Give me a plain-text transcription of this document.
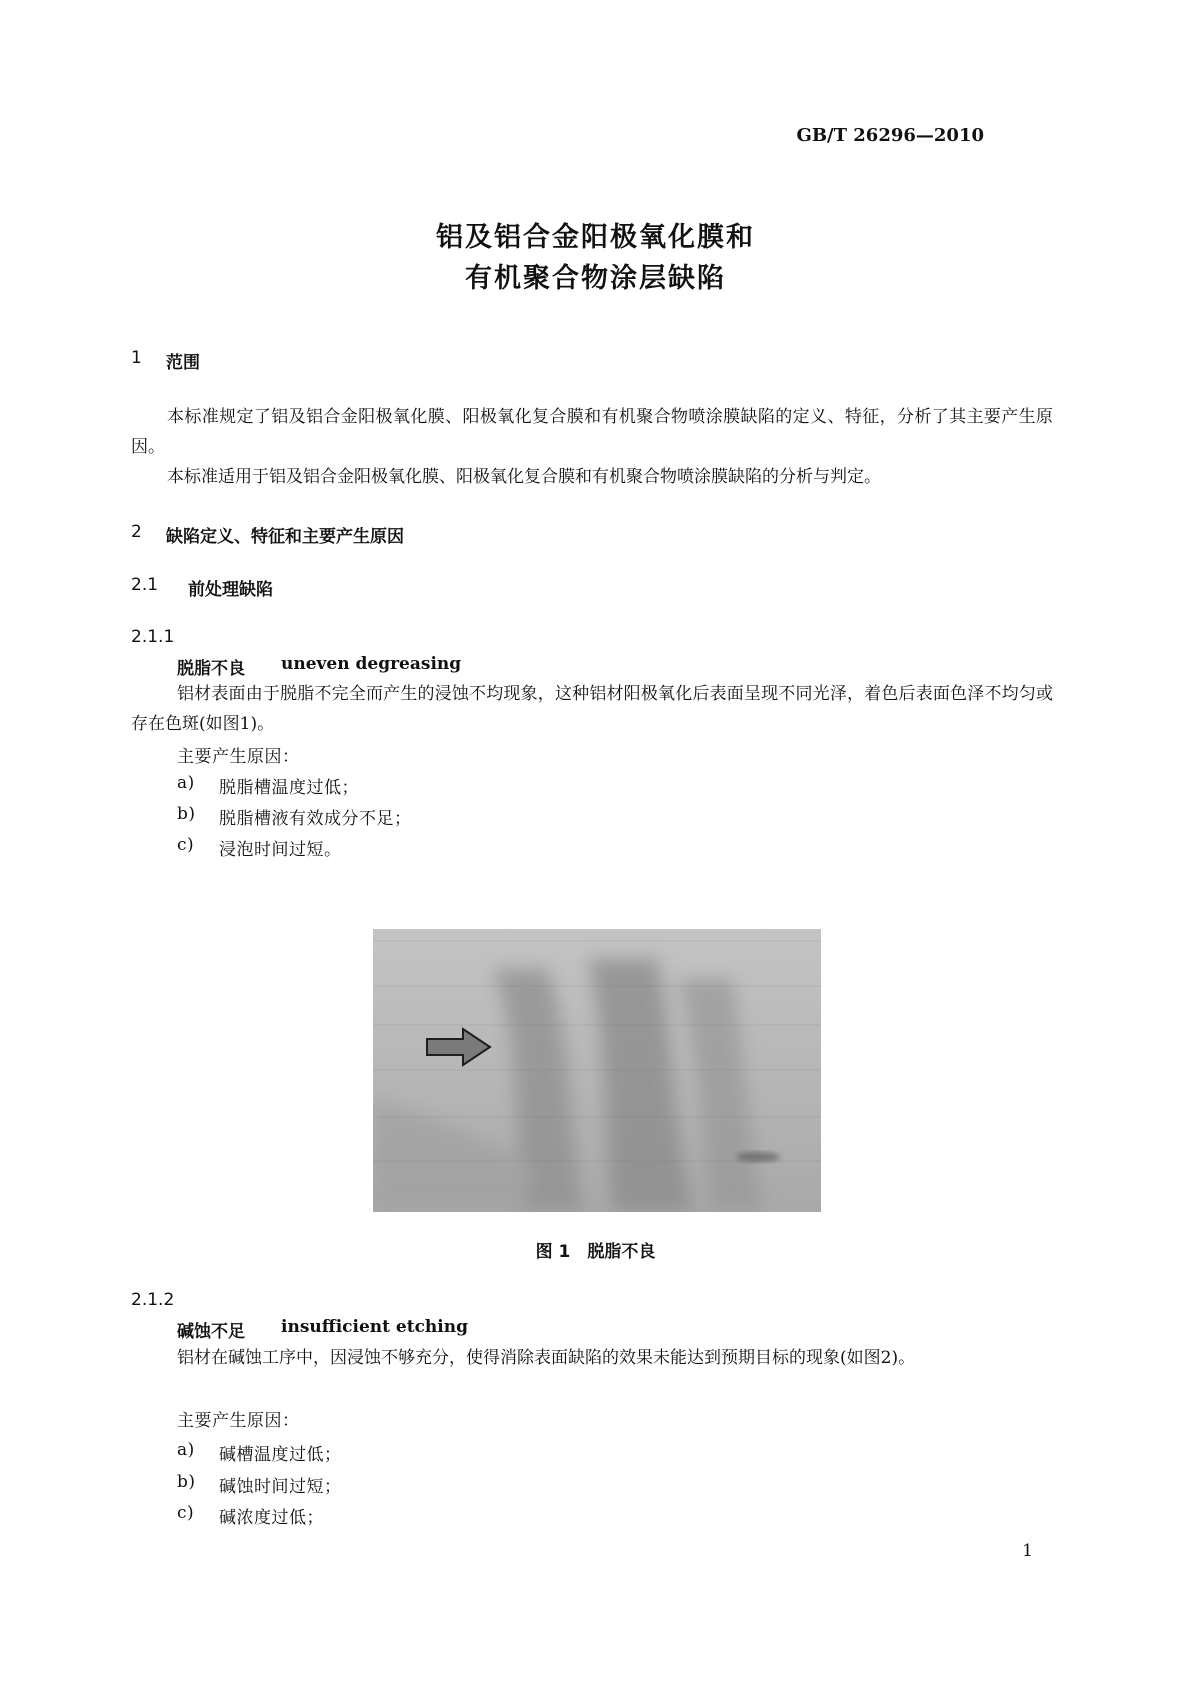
GB/T 26296—2010
铝及铝合金阳极氧化膜和
有机聚合物涂层缺陷
1 范围
本标准规定了铝及铝合金阳极氧化膜、阳极氧化复合膜和有机聚合物喷涂膜缺陷的定义、特征，分析了其主要产生原因。
本标准适用于铝及铝合金阳极氧化膜、阳极氧化复合膜和有机聚合物喷涂膜缺陷的分析与判定。
2 缺陷定义、特征和主要产生原因
2.1 前处理缺陷
2.1.1
脱脂不良 uneven degreasing
铝材表面由于脱脂不完全而产生的浸蚀不均现象，这种铝材阳极氧化后表面呈现不同光泽，着色后表面色泽不均匀或存在色斑(如图1)。
主要产生原因：
a) 脱脂槽温度过低；
b) 脱脂槽液有效成分不足；
c) 浸泡时间过短。
图 1　脱脂不良
2.1.2
碱蚀不足 insufficient etching
铝材在碱蚀工序中，因浸蚀不够充分，使得消除表面缺陷的效果未能达到预期目标的现象(如图2)。
主要产生原因：
a) 碱槽温度过低；
b) 碱蚀时间过短；
c) 碱浓度过低；
1
